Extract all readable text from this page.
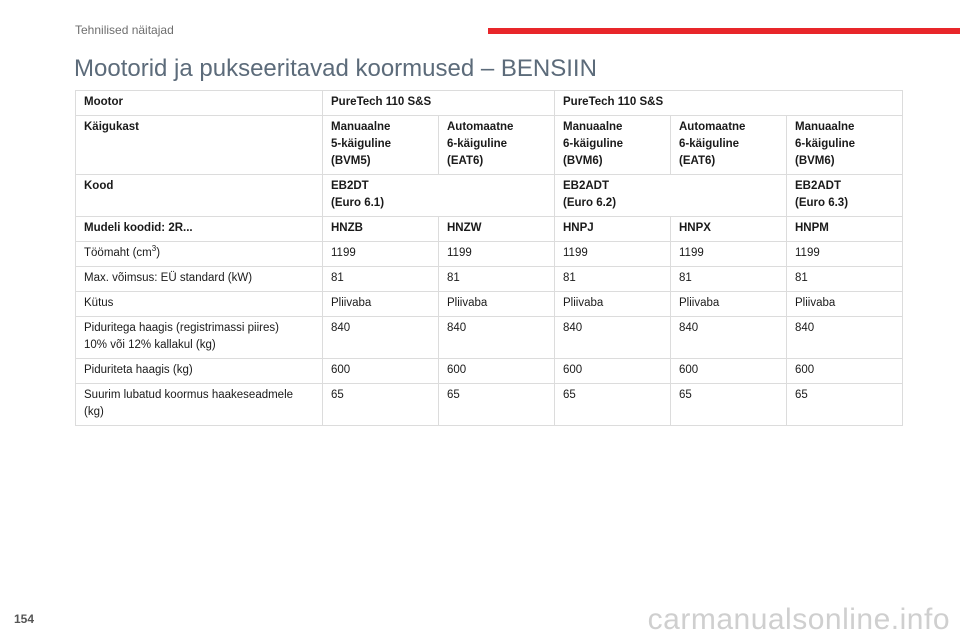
Tehnilised näitajad
Mootorid ja pukseeritavad koormused – BENSIIN
Mootor	PureTech 110 S&S		PureTech 110 S&S		
Käigukast	Manuaalne
5-käiguline
(BVM5)	Automaatne
6-käiguline
(EAT6)	Manuaalne
6-käiguline
(BVM6)	Automaatne
6-käiguline
(EAT6)	Manuaalne
6-käiguline
(BVM6)
Kood	EB2DT
(Euro 6.1)		EB2ADT
(Euro 6.2)		EB2ADT
(Euro 6.3)
Mudeli koodid: 2R...	HNZB	HNZW	HNPJ	HNPX	HNPM
Töömaht $(cm^3)$	1199	1199	1199	1199	1199
Max. võimsus: EÜ standard (kW)	81	81	81	81	81
Kütus	Pliivaba	Pliivaba	Pliivaba	Pliivaba	Pliivaba
Piduritega haagis (registrimassi piires)
10% või 12% kallakul (kg)	840	840	840	840	840
Piduriteta haagis (kg)	600	600	600	600	600
Suurim lubatud koormus haakeseadmele
(kg)	65	65	65	65	65
154	carmanualsonline.info
